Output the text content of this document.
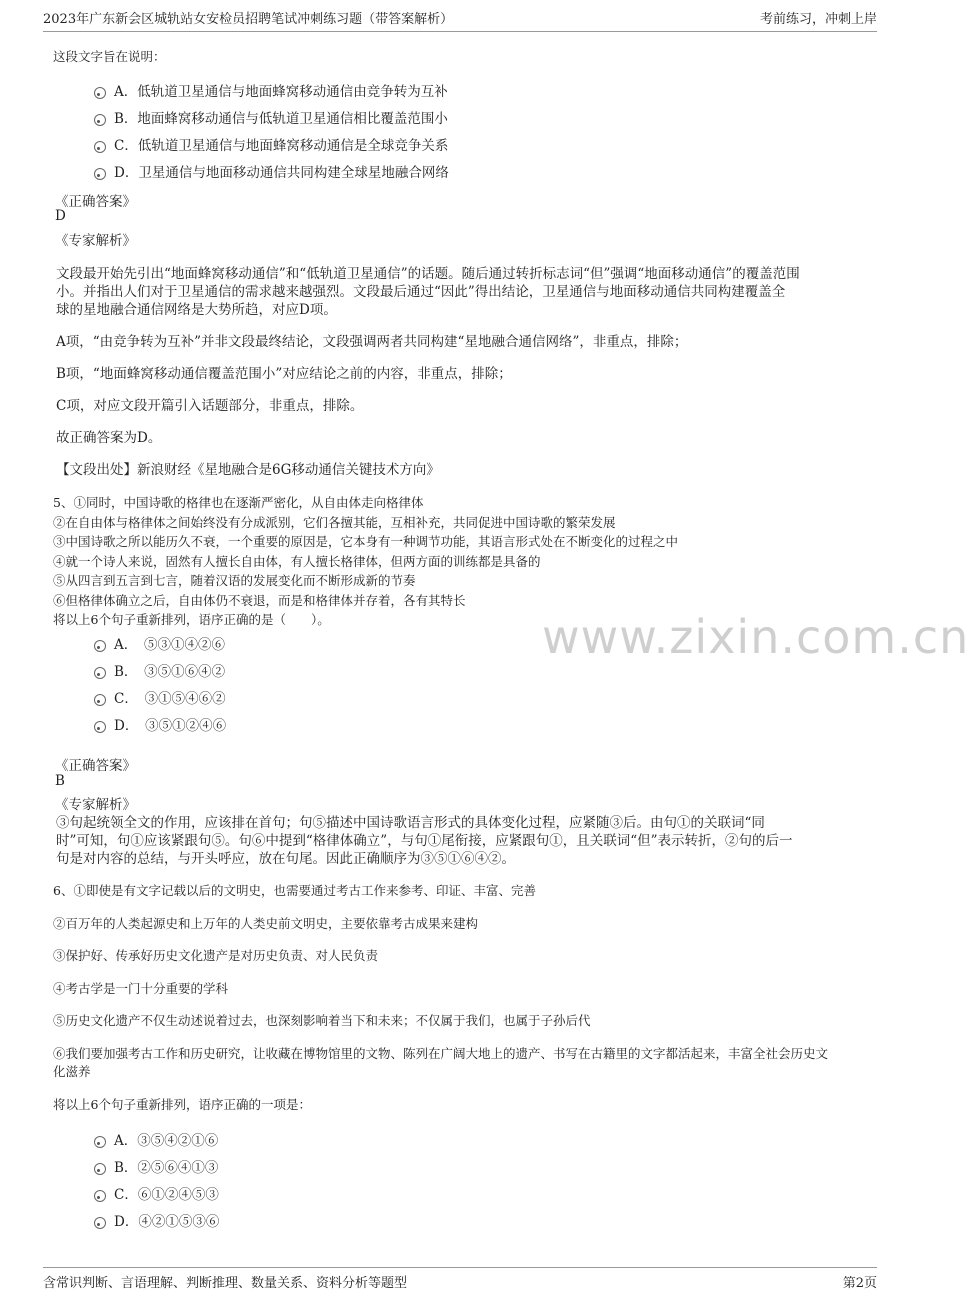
2023年广东新会区城轨站女安检员招聘笔试冲刺练习题（带答案解析）	考前练习，冲刺上岸
www.zixin.com.cn
这段文字旨在说明：
A．低轨道卫星通信与地面蜂窝移动通信由竞争转为互补
B．地面蜂窝移动通信与低轨道卫星通信相比覆盖范围小
C．低轨道卫星通信与地面蜂窝移动通信是全球竞争关系
D．卫星通信与地面移动通信共同构建全球星地融合网络
《正确答案》
D
《专家解析》
文段最开始先引出“地面蜂窝移动通信”和“低轨道卫星通信”的话题。随后通过转折标志词“但”强调“地面移动通信”的覆盖范围
小。并指出人们对于卫星通信的需求越来越强烈。文段最后通过“因此”得出结论，卫星通信与地面移动通信共同构建覆盖全
球的星地融合通信网络是大势所趋，对应D项。
A项，“由竞争转为互补”并非文段最终结论，文段强调两者共同构建“星地融合通信网络”，非重点，排除；
B项，“地面蜂窝移动通信覆盖范围小”对应结论之前的内容，非重点，排除；
C项，对应文段开篇引入话题部分，非重点，排除。
故正确答案为D。
【文段出处】新浪财经《星地融合是6G移动通信关键技术方向》
5、①同时，中国诗歌的格律也在逐渐严密化，从自由体走向格律体
②在自由体与格律体之间始终没有分成派别，它们各擅其能，互相补充，共同促进中国诗歌的繁荣发展
③中国诗歌之所以能历久不衰，一个重要的原因是，它本身有一种调节功能，其语言形式处在不断变化的过程之中
④就一个诗人来说，固然有人擅长自由体，有人擅长格律体，但两方面的训练都是具备的
⑤从四言到五言到七言，随着汉语的发展变化而不断形成新的节奏
⑥但格律体确立之后，自由体仍不衰退，而是和格律体并存着，各有其特长
将以上6个句子重新排列，语序正确的是（　　）。
A．　⑤③①④②⑥
B．　③⑤①⑥④②
C．　③①⑤④⑥②
D．　③⑤①②④⑥
《正确答案》
B
《专家解析》
③句起统领全文的作用，应该排在首句；句⑤描述中国诗歌语言形式的具体变化过程，应紧随③后。由句①的关联词“同
时”可知，句①应该紧跟句⑤。句⑥中提到“格律体确立”，与句①尾衔接，应紧跟句①，且关联词“但”表示转折，②句的后一
句是对内容的总结，与开头呼应，放在句尾。因此正确顺序为③⑤①⑥④②。
6、①即使是有文字记载以后的文明史，也需要通过考古工作来参考、印证、丰富、完善
②百万年的人类起源史和上万年的人类史前文明史，主要依靠考古成果来建构
③保护好、传承好历史文化遗产是对历史负责、对人民负责
④考古学是一门十分重要的学科
⑤历史文化遗产不仅生动述说着过去，也深刻影响着当下和未来；不仅属于我们，也属于子孙后代
⑥我们要加强考古工作和历史研究，让收藏在博物馆里的文物、陈列在广阔大地上的遗产、书写在古籍里的文字都活起来，丰富全社会历史文
化滋养
将以上6个句子重新排列，语序正确的一项是：
A．③⑤④②①⑥
B．②⑤⑥④①③
C．⑥①②④⑤③
D．④②①⑤③⑥
含常识判断、言语理解、判断推理、数量关系、资料分析等题型	第2页
